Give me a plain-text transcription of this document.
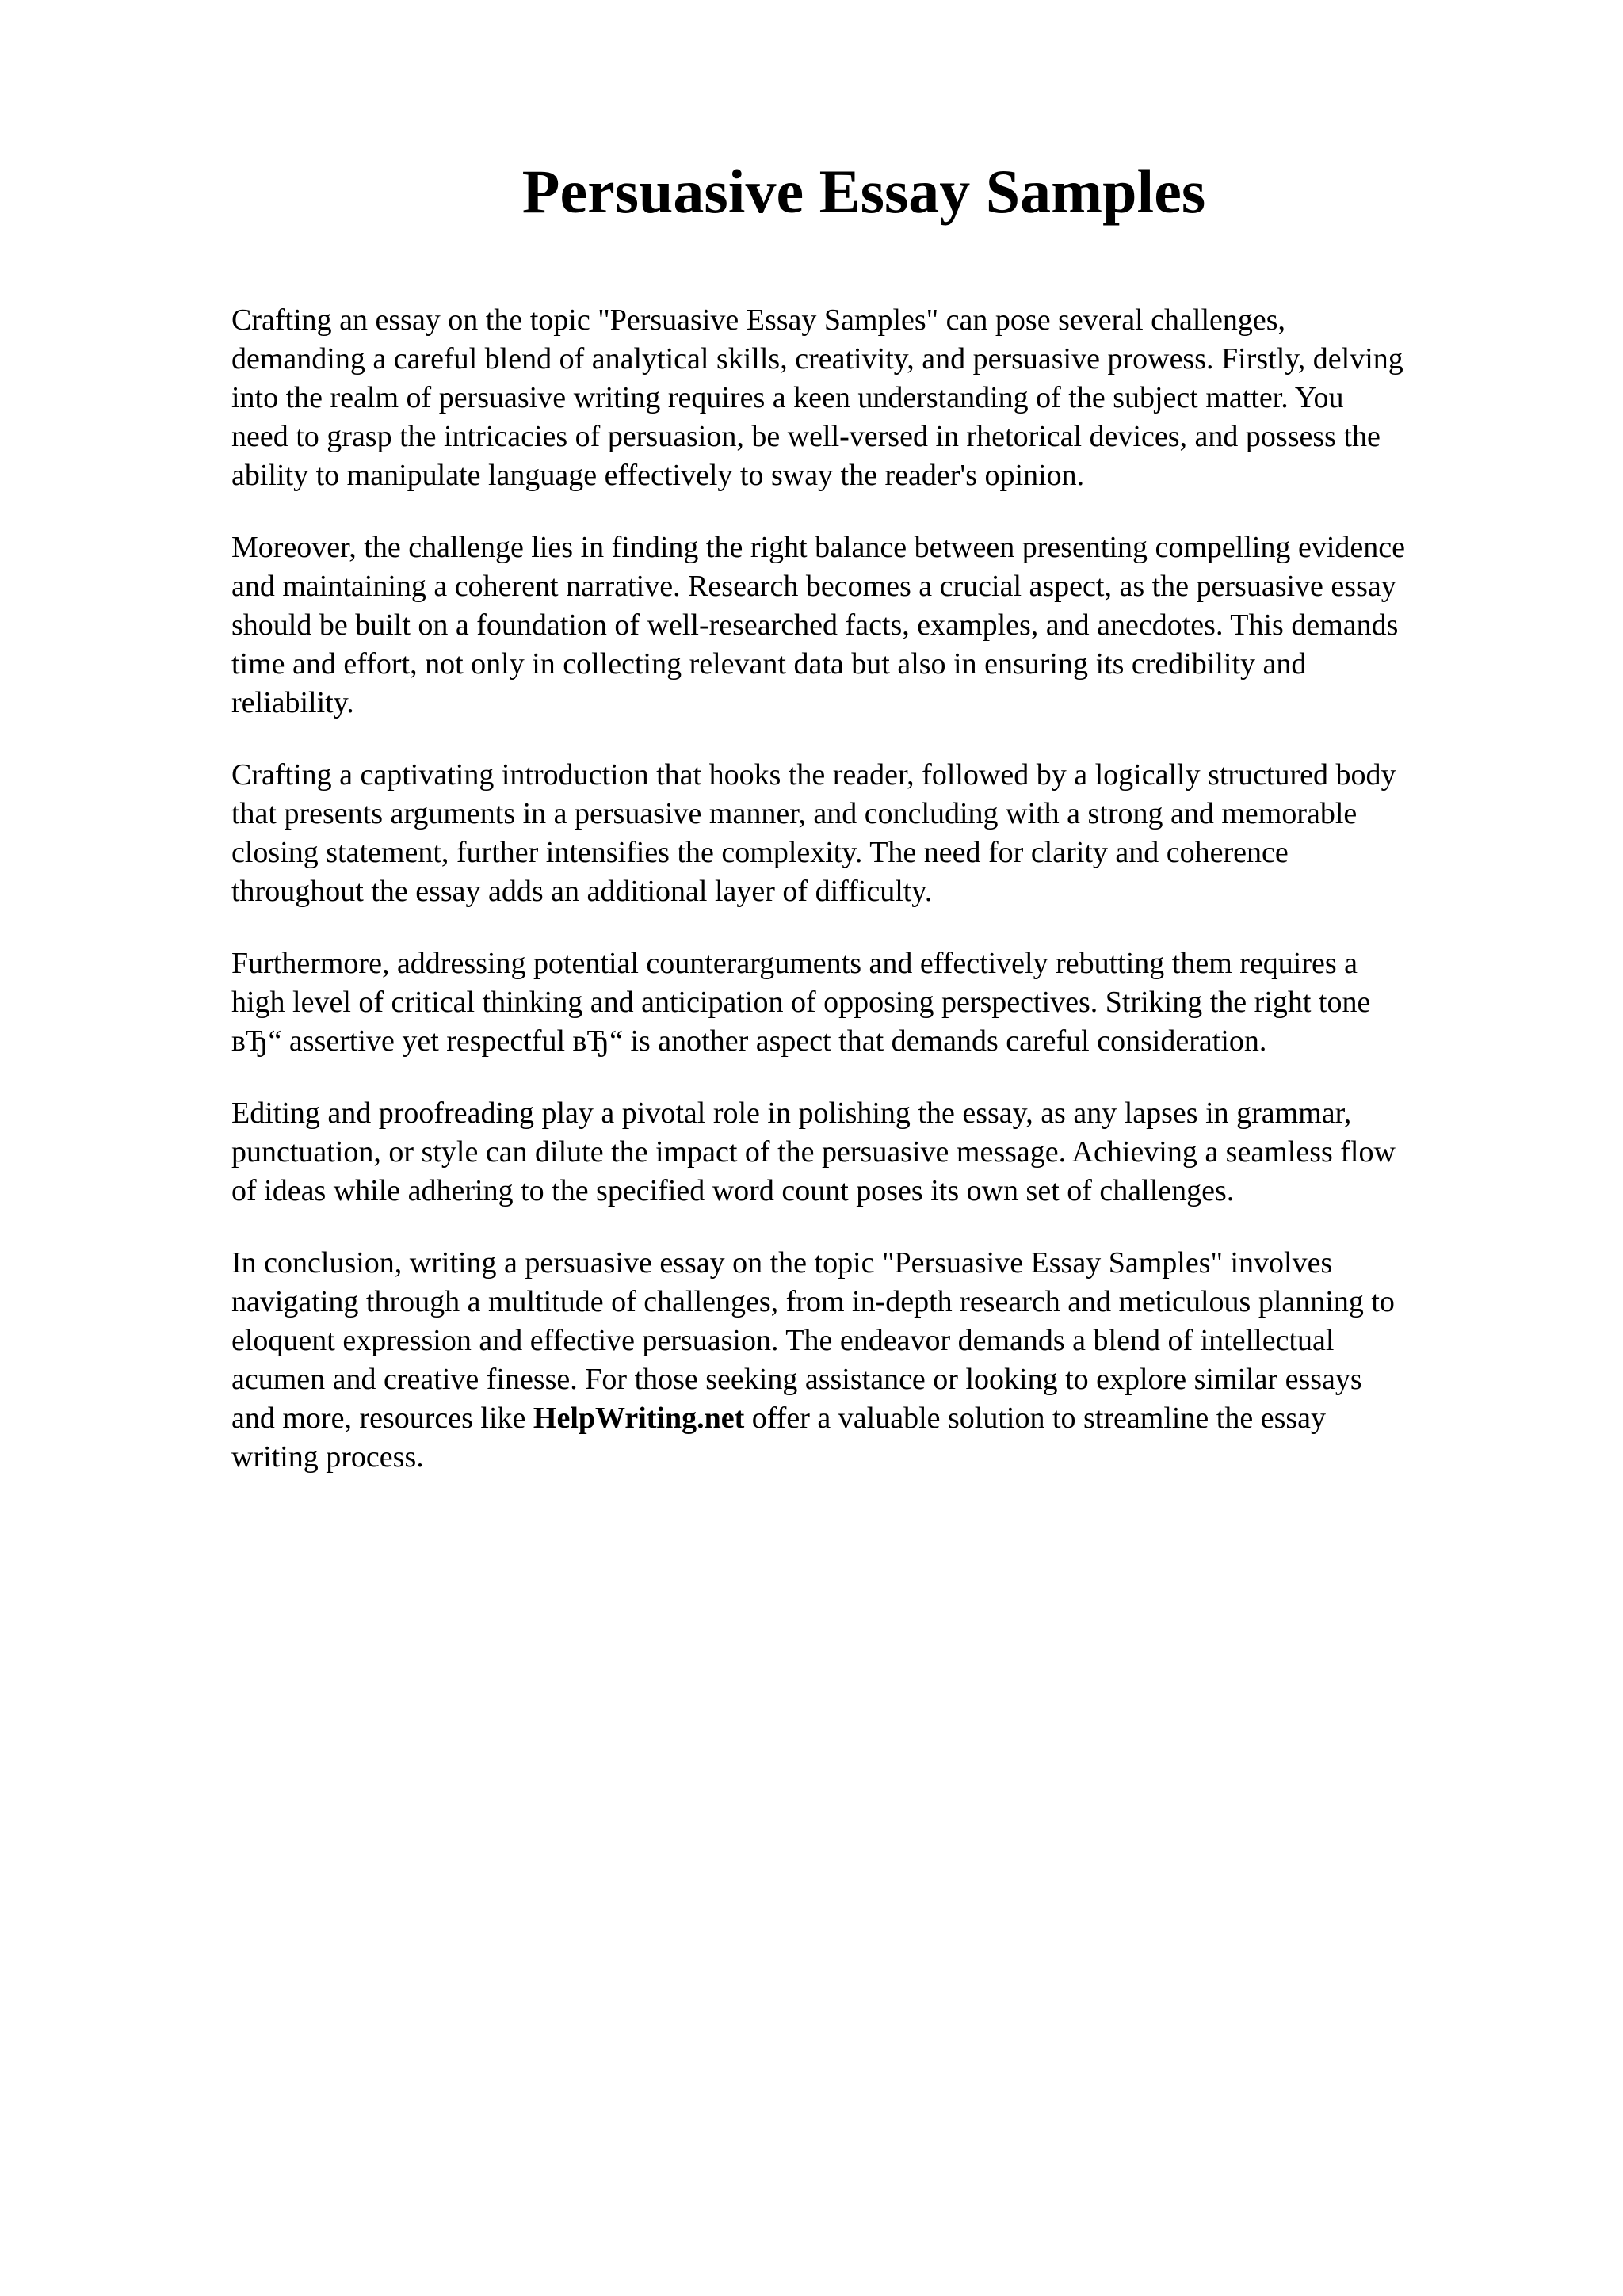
Persuasive Essay Samples

Crafting an essay on the topic "Persuasive Essay Samples" can pose several challenges,
demanding a careful blend of analytical skills, creativity, and persuasive prowess. Firstly, delving
into the realm of persuasive writing requires a keen understanding of the subject matter. You
need to grasp the intricacies of persuasion, be well-versed in rhetorical devices, and possess the
ability to manipulate language effectively to sway the reader's opinion.

Moreover, the challenge lies in finding the right balance between presenting compelling evidence
and maintaining a coherent narrative. Research becomes a crucial aspect, as the persuasive essay
should be built on a foundation of well-researched facts, examples, and anecdotes. This demands
time and effort, not only in collecting relevant data but also in ensuring its credibility and
reliability.

Crafting a captivating introduction that hooks the reader, followed by a logically structured body
that presents arguments in a persuasive manner, and concluding with a strong and memorable
closing statement, further intensifies the complexity. The need for clarity and coherence
throughout the essay adds an additional layer of difficulty.

Furthermore, addressing potential counterarguments and effectively rebutting them requires a
high level of critical thinking and anticipation of opposing perspectives. Striking the right tone
вЂ“ assertive yet respectful вЂ“ is another aspect that demands careful consideration.

Editing and proofreading play a pivotal role in polishing the essay, as any lapses in grammar,
punctuation, or style can dilute the impact of the persuasive message. Achieving a seamless flow
of ideas while adhering to the specified word count poses its own set of challenges.

In conclusion, writing a persuasive essay on the topic "Persuasive Essay Samples" involves
navigating through a multitude of challenges, from in-depth research and meticulous planning to
eloquent expression and effective persuasion. The endeavor demands a blend of intellectual
acumen and creative finesse. For those seeking assistance or looking to explore similar essays
and more, resources like HelpWriting.net offer a valuable solution to streamline the essay
writing process.
